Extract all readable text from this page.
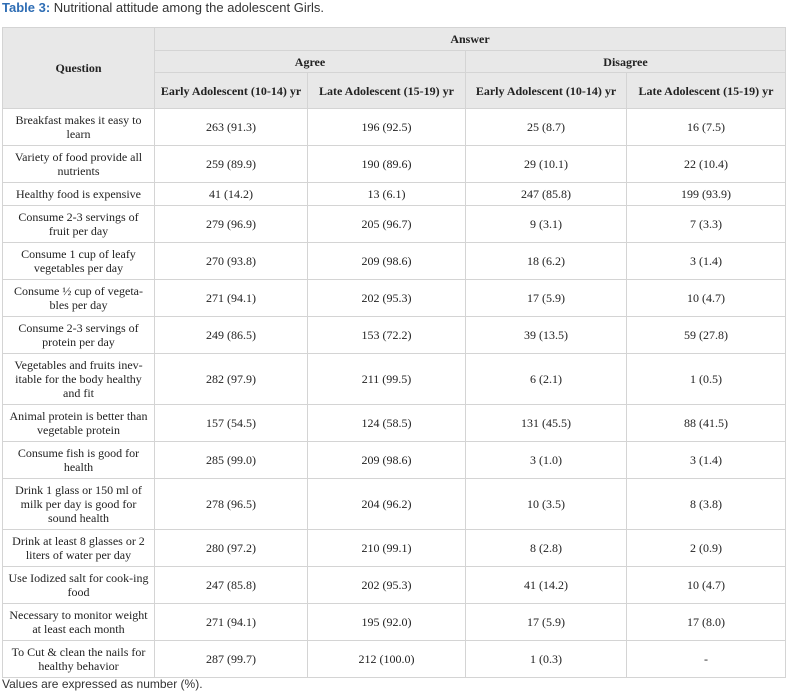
Table 3: Nutritional attitude among the adolescent Girls.
Question	Answer			
	Agree		Disagree	
	Early Adolescent (10-14) yr	Late Adolescent (15-19) yr	Early Adolescent (10-14) yr	Late Adolescent (15-19) yr
Breakfast makes it easy to learn	263 (91.3)	196 (92.5)	25 (8.7)	16 (7.5)
Variety of food provide all nutrients	259 (89.9)	190 (89.6)	29 (10.1)	22 (10.4)
Healthy food is expensive	41 (14.2)	13 (6.1)	247 (85.8)	199 (93.9)
Consume 2-3 servings of fruit per day	279 (96.9)	205 (96.7)	9 (3.1)	7 (3.3)
Consume 1 cup of leafy vegetables per day	270 (93.8)	209 (98.6)	18 (6.2)	3 (1.4)
Consume ½ cup of vegeta-bles per day	271 (94.1)	202 (95.3)	17 (5.9)	10 (4.7)
Consume 2-3 servings of protein per day	249 (86.5)	153 (72.2)	39 (13.5)	59 (27.8)
Vegetables and fruits inev-itable for the body healthy and fit	282 (97.9)	211 (99.5)	6 (2.1)	1 (0.5)
Animal protein is better than vegetable protein	157 (54.5)	124 (58.5)	131 (45.5)	88 (41.5)
Consume fish is good for health	285 (99.0)	209 (98.6)	3 (1.0)	3 (1.4)
Drink 1 glass or 150 ml of milk per day is good for sound health	278 (96.5)	204 (96.2)	10 (3.5)	8 (3.8)
Drink at least 8 glasses or 2 liters of water per day	280 (97.2)	210 (99.1)	8 (2.8)	2 (0.9)
Use Iodized salt for cook-ing food	247 (85.8)	202 (95.3)	41 (14.2)	10 (4.7)
Necessary to monitor weight at least each month	271 (94.1)	195 (92.0)	17 (5.9)	17 (8.0)
To Cut & clean the nails for healthy behavior	287 (99.7)	212 (100.0)	1 (0.3)	-
Values are expressed as number (%).
